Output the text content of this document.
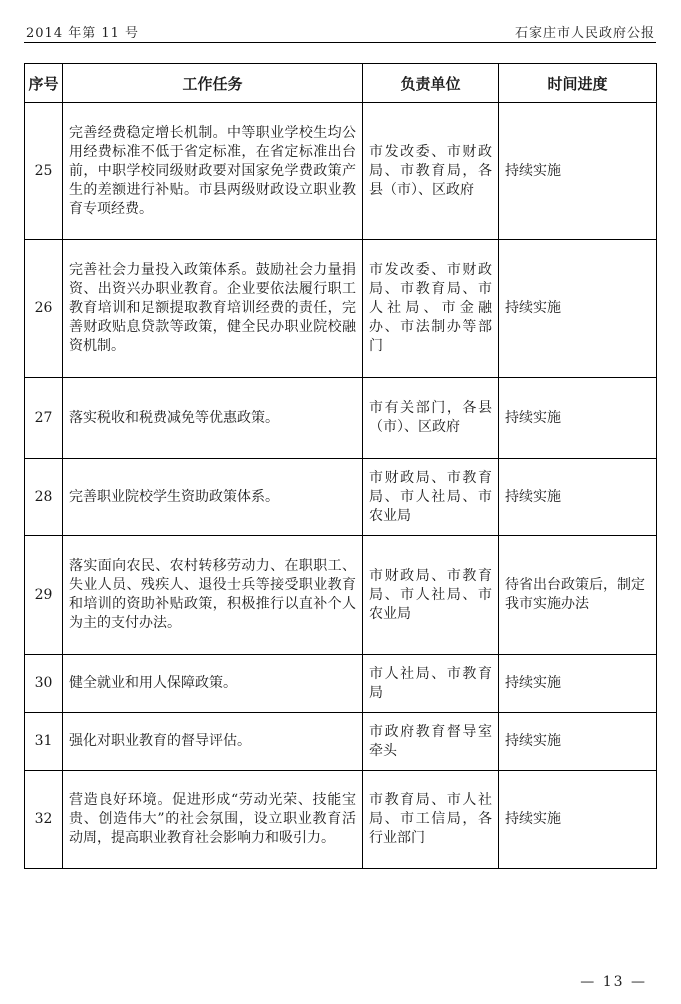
2014 年第 11 号	石家庄市人民政府公报
序号	工作任务	负责单位	时间进度
25	完善经费稳定增长机制。中等职业学校生均公用经费标准不低于省定标准，在省定标准出台前，中职学校同级财政要对国家免学费政策产生的差额进行补贴。市县两级财政设立职业教育专项经费。	市发改委、市财政局、市教育局，各县（市）、区政府	持续实施
26	完善社会力量投入政策体系。鼓励社会力量捐资、出资兴办职业教育。企业要依法履行职工教育培训和足额提取教育培训经费的责任，完善财政贴息贷款等政策，健全民办职业院校融资机制。	市发改委、市财政局、市教育局、市人社局、市金融办、市法制办等部门	持续实施
27	落实税收和税费减免等优惠政策。	市有关部门，各县（市）、区政府	持续实施
28	完善职业院校学生资助政策体系。	市财政局、市教育局、市人社局、市农业局	持续实施
29	落实面向农民、农村转移劳动力、在职职工、失业人员、残疾人、退役士兵等接受职业教育和培训的资助补贴政策，积极推行以直补个人为主的支付办法。	市财政局、市教育局、市人社局、市农业局	待省出台政策后，制定我市实施办法
30	健全就业和用人保障政策。	市人社局、市教育局	持续实施
31	强化对职业教育的督导评估。	市政府教育督导室牵头	持续实施
32	营造良好环境。促进形成“劳动光荣、技能宝贵、创造伟大”的社会氛围，设立职业教育活动周，提高职业教育社会影响力和吸引力。	市教育局、市人社局、市工信局，各行业部门	持续实施
— 13 —
